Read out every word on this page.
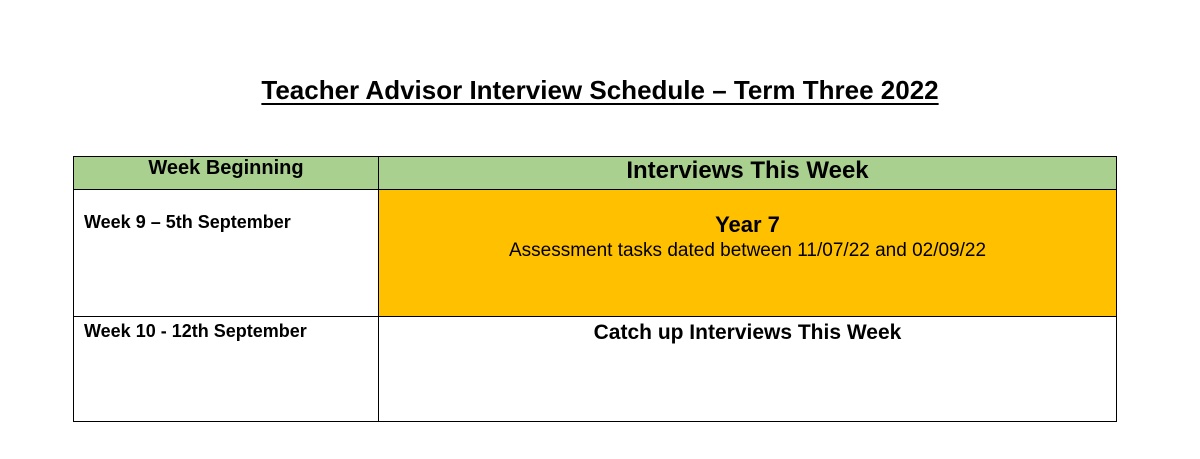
Teacher Advisor Interview Schedule – Term Three 2022
Week Beginning	Interviews This Week
Week 9 – 5th September	Year 7
Assessment tasks dated between 11/07/22 and 02/09/22

Week 10 - 12th September	Catch up Interviews This Week
